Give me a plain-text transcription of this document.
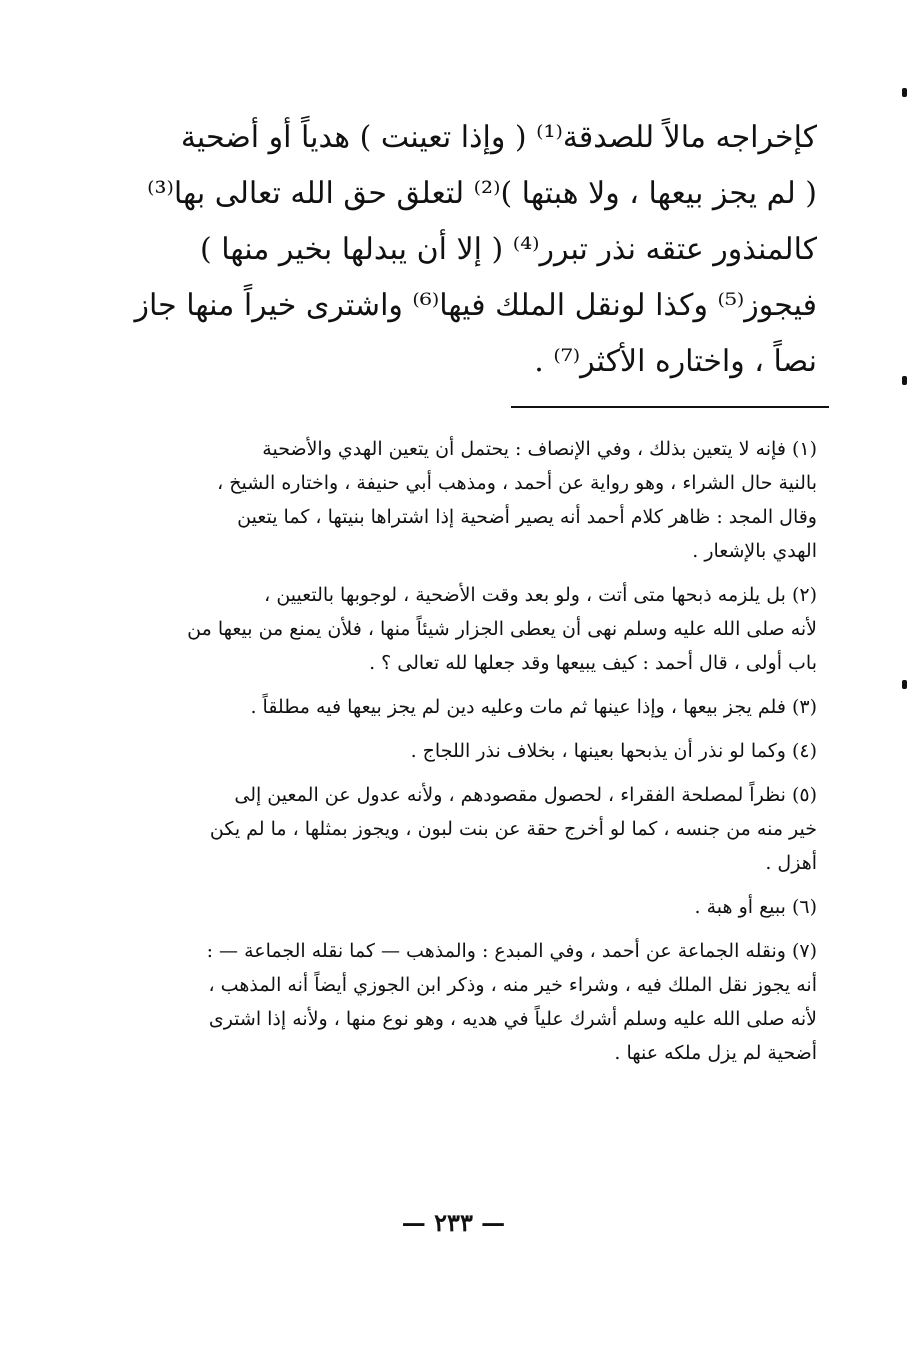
كإخراجه مالاً للصدقة⁽¹⁾ ( وإذا تعينت ) هدياً أو أضحية
( لم يجز بيعها ، ولا هبتها )⁽²⁾ لتعلق حق الله تعالى بها⁽³⁾
كالمنذور عتقه نذر تبرر⁽⁴⁾ ( إلا أن يبدلها بخير منها )
فيجوز⁽⁵⁾ وكذا لونقل الملك فيها⁽⁶⁾ واشترى خيراً منها جاز
نصاً ، واختاره الأكثر⁽⁷⁾ .
(١)فإنه لا يتعين بذلك ، وفي الإنصاف : يحتمل أن يتعين الهدي والأضحية
بالنية حال الشراء ، وهو رواية عن أحمد ، ومذهب أبي حنيفة ، واختاره الشيخ ،
وقال المجد : ظاهر كلام أحمد أنه يصير أضحية إذا اشتراها بنيتها ، كما يتعين
الهدي بالإشعار .
(٢)بل يلزمه ذبحها متى أتت ، ولو بعد وقت الأضحية ، لوجوبها بالتعيين ،
لأنه صلى الله عليه وسلم نهى أن يعطى الجزار شيئاً منها ، فلأن يمنع من بيعها من
باب أولى ، قال أحمد : كيف يبيعها وقد جعلها لله تعالى ؟ .
(٣)فلم يجز بيعها ، وإذا عينها ثم مات وعليه دين لم يجز بيعها فيه مطلقاً .
(٤)وكما لو نذر أن يذبحها بعينها ، بخلاف نذر اللجاج .
(٥)نظراً لمصلحة الفقراء ، لحصول مقصودهم ، ولأنه عدول عن المعين إلى
خير منه من جنسه ، كما لو أخرج حقة عن بنت لبون ، ويجوز بمثلها ، ما لم يكن
أهزل .
(٦)ببيع أو هبة .
(٧)ونقله الجماعة عن أحمد ، وفي المبدع : والمذهب — كما نقله الجماعة — :
أنه يجوز نقل الملك فيه ، وشراء خير منه ، وذكر ابن الجوزي أيضاً أنه المذهب ،
لأنه صلى الله عليه وسلم أشرك علياً في هديه ، وهو نوع منها ، ولأنه إذا اشترى
أضحية لم يزل ملكه عنها .
— ٢٣٣ —
